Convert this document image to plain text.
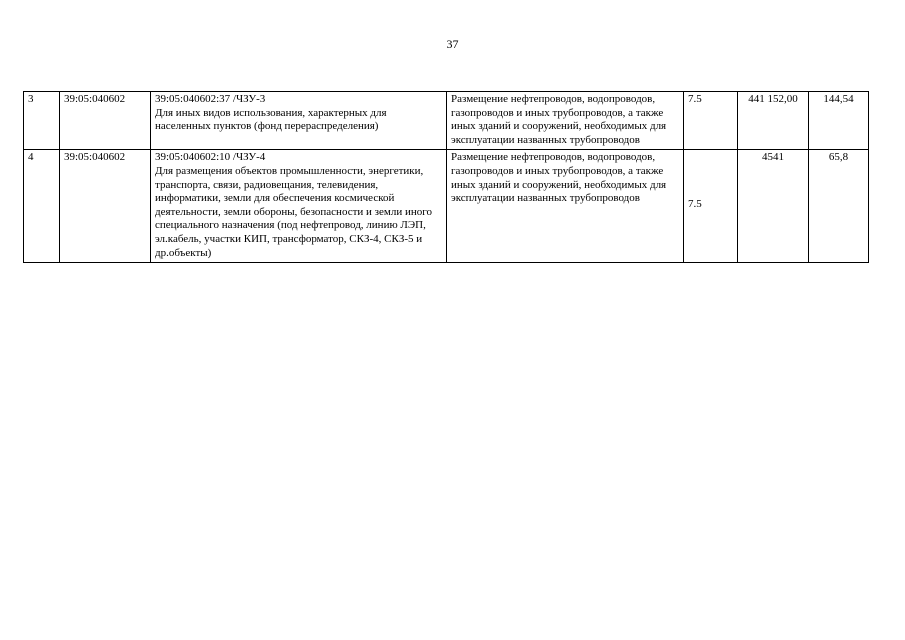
37
3	39:05:040602	39:05:040602:37 /ЧЗУ-3
Для иных видов использования, характерных для населенных пунктов (фонд перераспределения)	Размещение нефтепроводов, водопроводов, газопроводов и иных трубопроводов, а также иных зданий и сооружений, необходимых для эксплуатации названных трубопроводов	7.5	441 152,00	144,54
4	39:05:040602	39:05:040602:10 /ЧЗУ-4
Для размещения объектов промышленности, энергетики, транспорта, связи, радиовещания, телевидения, информатики, земли для обеспечения космической деятельности, земли обороны, безопасности и земли иного специального назначения (под нефтепровод, линию ЛЭП, эл.кабель, участки КИП, трансформатор, СКЗ-4, СКЗ-5 и др.объекты)	Размещение нефтепроводов, водопроводов, газопроводов и иных трубопроводов, а также иных зданий и сооружений, необходимых для эксплуатации названных трубопроводов	7.5	4541	65,8
